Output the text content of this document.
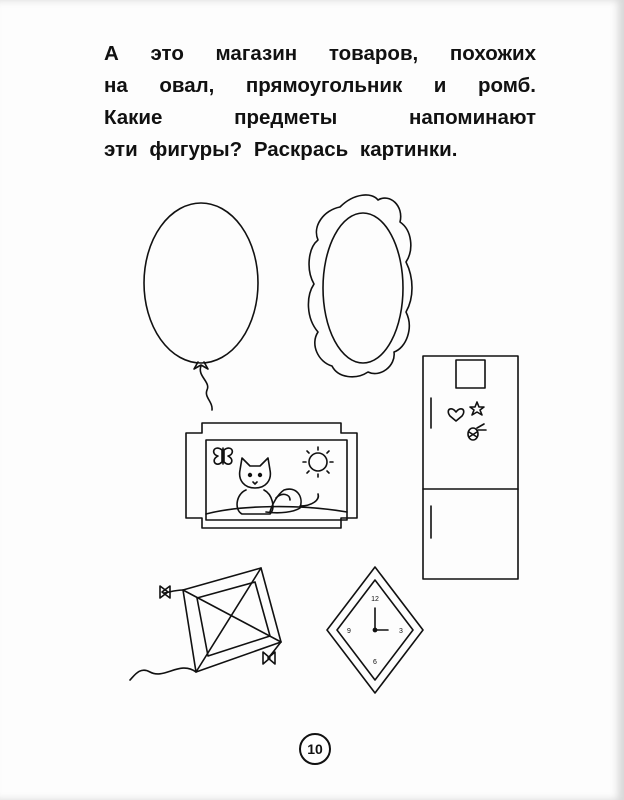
А это магазин товаров, похожих
на овал, прямоугольник и ромб.
Какие предметы напоминают
эти фигуры? Раскрась картинки.
12
3
6
9
10
